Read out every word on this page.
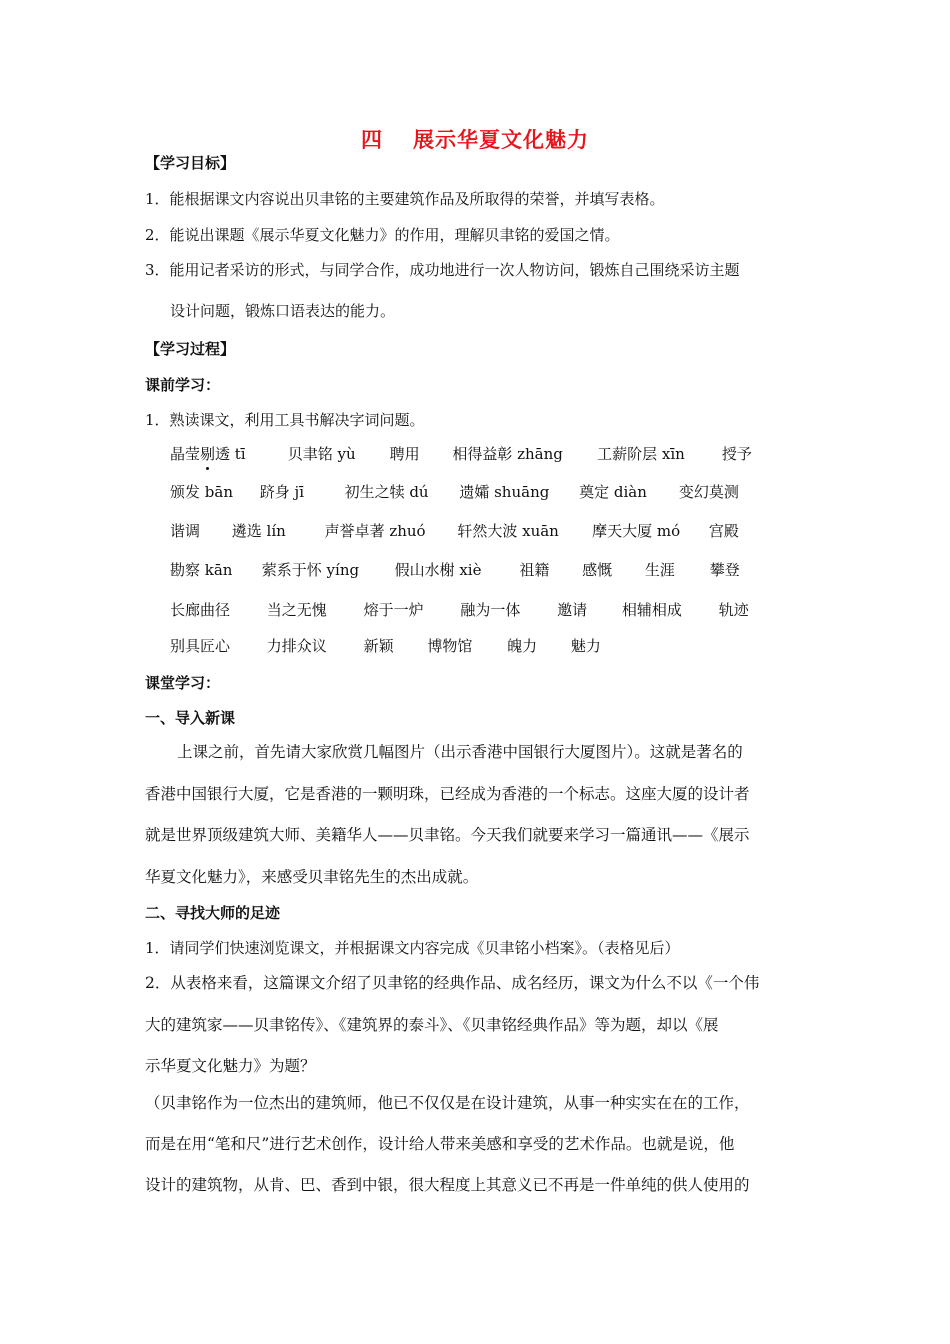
四 展示华夏文化魅力
【学习目标】
1．能根据课文内容说出贝聿铭的主要建筑作品及所取得的荣誉，并填写表格。
2．能说出课题《展示华夏文化魅力》的作用，理解贝聿铭的爱国之情。
3．能用记者采访的形式，与同学合作，成功地进行一次人物访问，锻炼自己围绕采访主题
设计问题，锻炼口语表达的能力。
【学习过程】
课前学习：
1．熟读课文，利用工具书解决字词问题。
晶莹剔透 tī	贝聿铭 yù 聘用 相得益彰 zhāng 工薪阶层 xīn 授予
颁发 bān 跻身 jī	初生之犊 dú 遗孀 shuāng 奠定 diàn 变幻莫测
谐调 遴选 lín	声誉卓著 zhuó 轩然大波 xuān 摩天大厦 mó 宫殿
勘察 kān 萦系于怀 yíng 假山水榭 xiè	祖籍 感慨 生涯 攀登
长廊曲径 当之无愧 熔于一炉 融为一体 邀请 相辅相成 轨迹
别具匠心 力排众议 新颖 博物馆 魄力 魅力
课堂学习：
一、导入新课
上课之前，首先请大家欣赏几幅图片（出示香港中国银行大厦图片）。这就是著名的
香港中国银行大厦，它是香港的一颗明珠，已经成为香港的一个标志。这座大厦的设计者
就是世界顶级建筑大师、美籍华人——贝聿铭。今天我们就要来学习一篇通讯——《展示
华夏文化魅力》，来感受贝聿铭先生的杰出成就。
二、寻找大师的足迹
1．请同学们快速浏览课文，并根据课文内容完成《贝聿铭小档案》。（表格见后）
2．从表格来看，这篇课文介绍了贝聿铭的经典作品、成名经历，课文为什么不以《一个伟
大的建筑家——贝聿铭传》、《建筑界的泰斗》、《贝聿铭经典作品》等为题，却以《展
示华夏文化魅力》为题？
（贝聿铭作为一位杰出的建筑师，他已不仅仅是在设计建筑，从事一种实实在在的工作，
而是在用“笔和尺”进行艺术创作，设计给人带来美感和享受的艺术作品。也就是说，他
设计的建筑物，从肯、巴、香到中银，很大程度上其意义已不再是一件单纯的供人使用的
